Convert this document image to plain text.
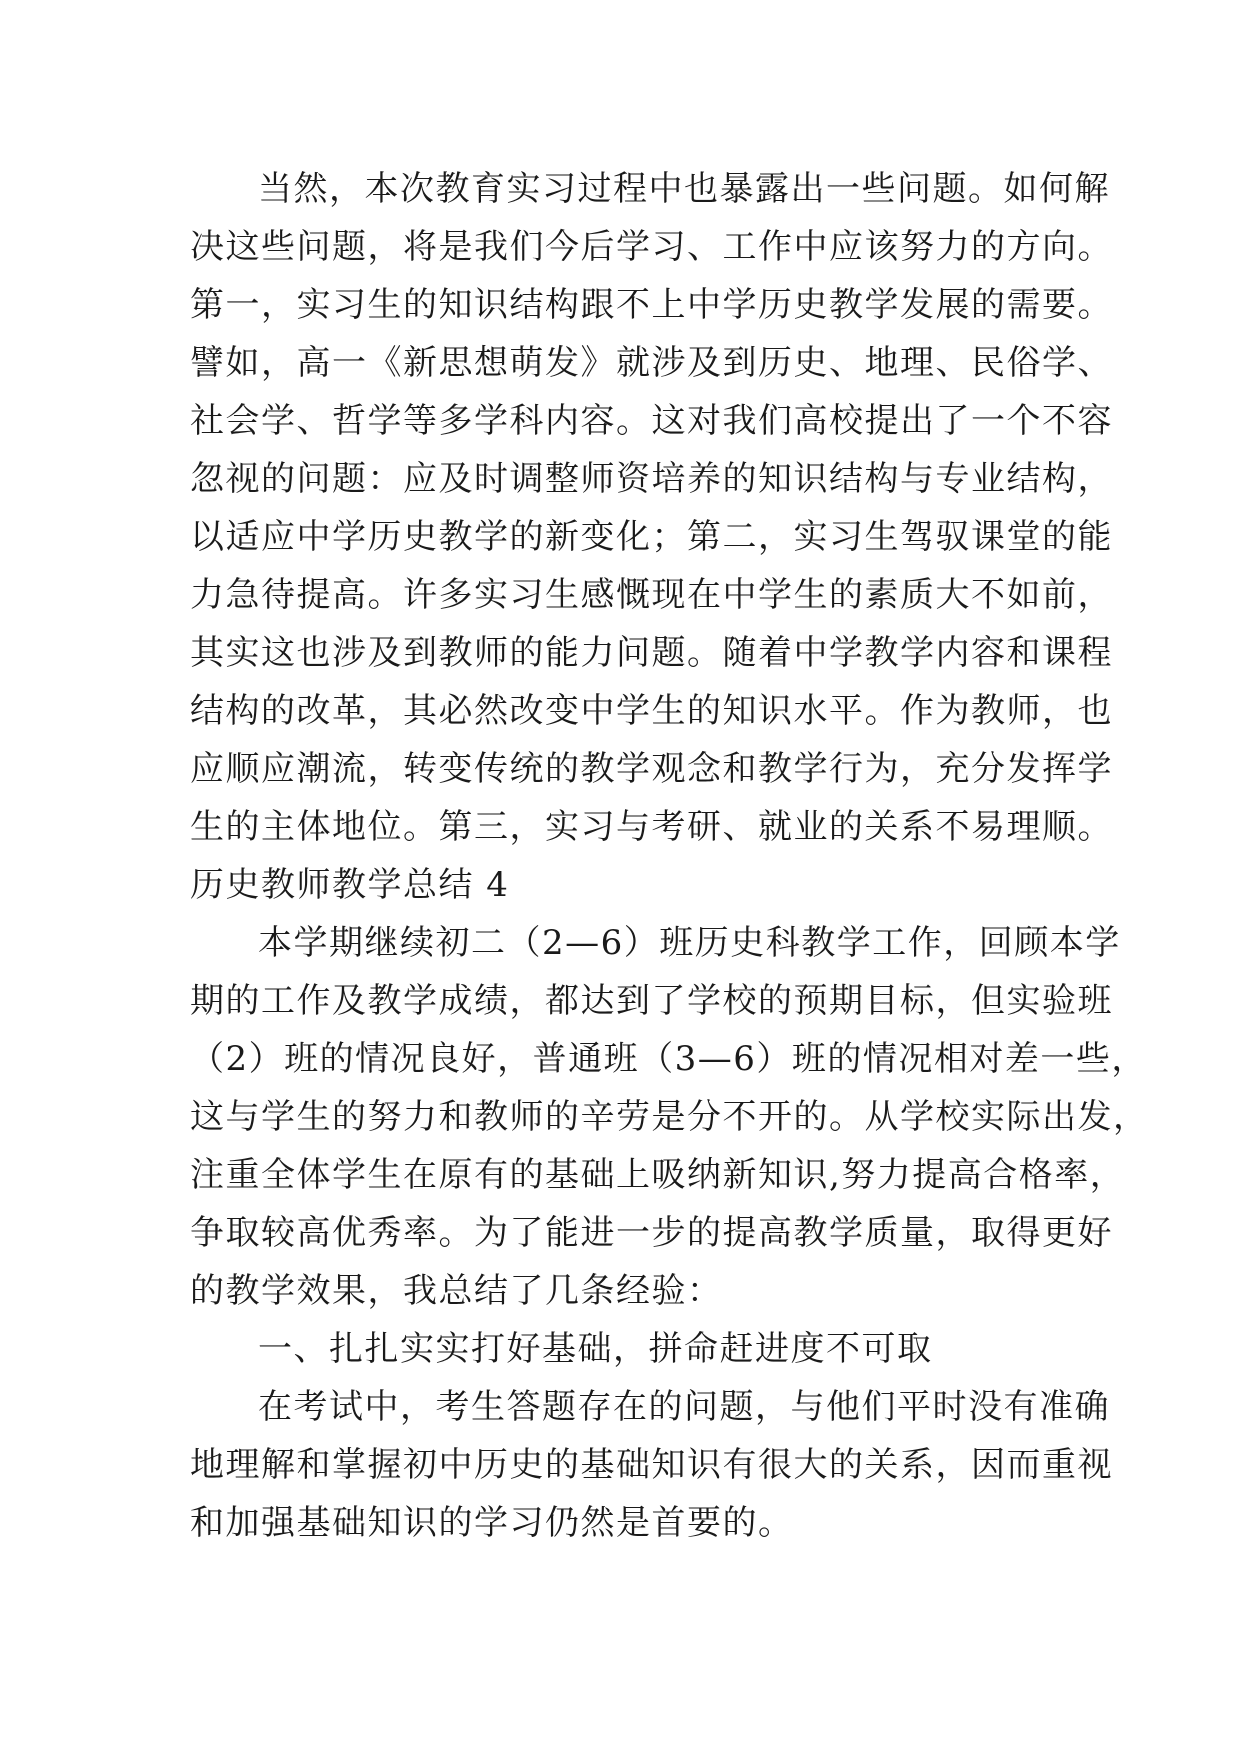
当然，本次教育实习过程中也暴露出一些问题。如何解
决这些问题，将是我们今后学习、工作中应该努力的方向。
第一，实习生的知识结构跟不上中学历史教学发展的需要。
譬如，高一《新思想萌发》就涉及到历史、地理、民俗学、
社会学、哲学等多学科内容。这对我们高校提出了一个不容
忽视的问题：应及时调整师资培养的知识结构与专业结构，
以适应中学历史教学的新变化；第二，实习生驾驭课堂的能
力急待提高。许多实习生感慨现在中学生的素质大不如前，
其实这也涉及到教师的能力问题。随着中学教学内容和课程
结构的改革，其必然改变中学生的知识水平。作为教师，也
应顺应潮流，转变传统的教学观念和教学行为，充分发挥学
生的主体地位。第三，实习与考研、就业的关系不易理顺。
历史教师教学总结 4
本学期继续初二（2—6）班历史科教学工作，回顾本学
期的工作及教学成绩，都达到了学校的预期目标，但实验班
（2）班的情况良好，普通班（3—6）班的情况相对差一些，
这与学生的努力和教师的辛劳是分不开的。从学校实际出发，
注重全体学生在原有的基础上吸纳新知识,努力提高合格率，
争取较高优秀率。为了能进一步的提高教学质量，取得更好
的教学效果，我总结了几条经验：
一、扎扎实实打好基础，拼命赶进度不可取
在考试中，考生答题存在的问题，与他们平时没有准确
地理解和掌握初中历史的基础知识有很大的关系，因而重视
和加强基础知识的学习仍然是首要的。
